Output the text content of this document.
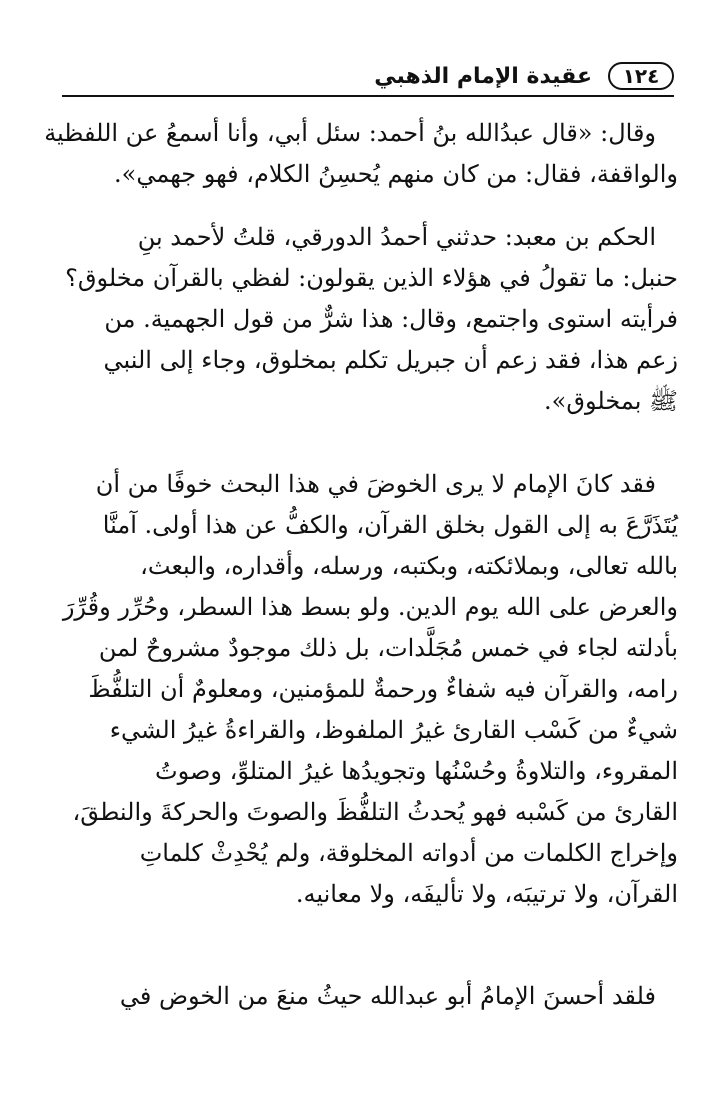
عقيدة الإمام الذهبي	١٢٤
وقال: «قال عبدُالله بنُ أحمد: سئل أبي، وأنا أسمعُ عن اللفظية
والواقفة، فقال: من كان منهم يُحسِنُ الكلام، فهو جهمي».
الحكم بن معبد: حدثني أحمدُ الدورقي، قلتُ لأحمد بنِ
حنبل: ما تقولُ في هؤلاء الذين يقولون: لفظي بالقرآن مخلوق؟
فرأيته استوى واجتمع، وقال: هذا شرٌّ من قول الجهمية. من
زعم هذا، فقد زعم أن جبريل تكلم بمخلوق، وجاء إلى النبي
ﷺ بمخلوق».
فقد كانَ الإمام لا يرى الخوضَ في هذا البحث خوفًا من أن
يُتَذَرَّعَ به إلى القول بخلق القرآن، والكفُّ عن هذا أولى. آمنَّا
بالله تعالى، وبملائكته، وبكتبه، ورسله، وأقداره، والبعث،
والعرض على الله يوم الدين. ولو بسط هذا السطر، وحُرِّر وقُرِّرَ
بأدلته لجاء في خمس مُجَلَّدات، بل ذلك موجودٌ مشروحٌ لمن
رامه، والقرآن فيه شفاءٌ ورحمةٌ للمؤمنين، ومعلومٌ أن التلفُّظَ
شيءٌ من كَسْب القارئ غيرُ الملفوظ، والقراءةُ غيرُ الشيء
المقروء، والتلاوةُ وحُسْنُها وتجويدُها غيرُ المتلوِّ، وصوتُ
القارئ من كَسْبه فهو يُحدثُ التلفُّظَ والصوتَ والحركةَ والنطقَ،
وإخراج الكلمات من أدواته المخلوقة، ولم يُحْدِثْ كلماتِ
القرآن، ولا ترتيبَه، ولا تأليفَه، ولا معانيه.
فلقد أحسنَ الإمامُ أبو عبدالله حيثُ منعَ من الخوض في
